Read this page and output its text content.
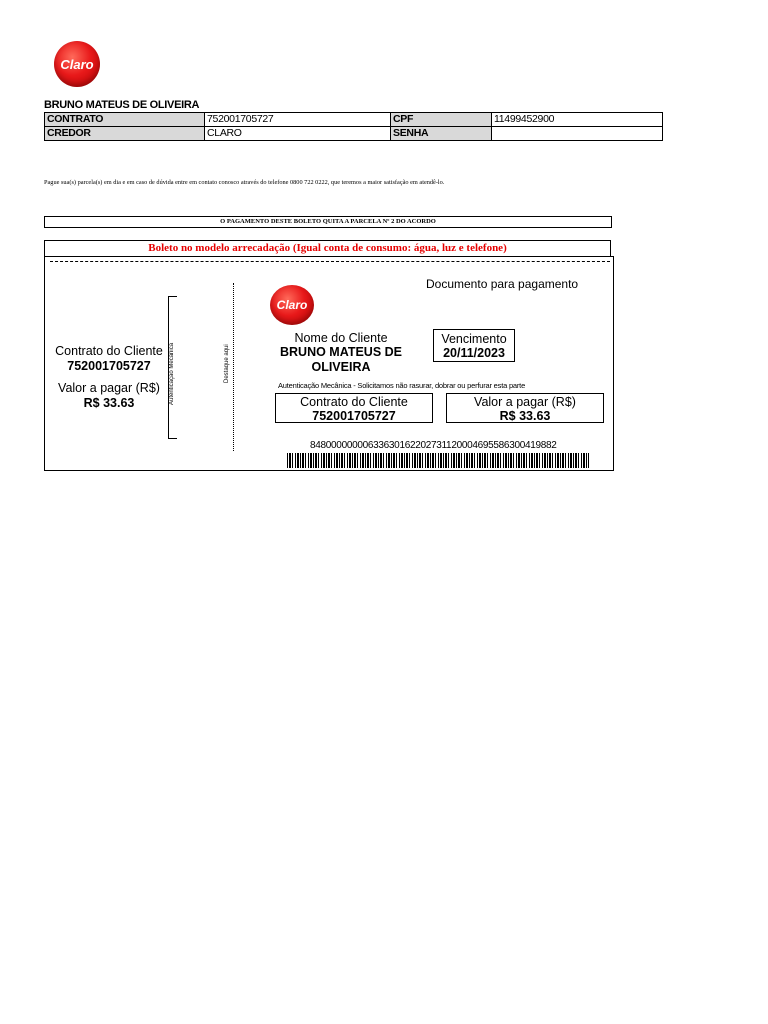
Claro
⁄⁄
BRUNO MATEUS DE OLIVEIRA
CONTRATO	752001705727	CPF	11499452900
CREDOR	CLARO	SENHA	
Pague sua(s) parcela(s) em dia e em caso de dúvida entre em contato conosco através do telefone 0800 722 0222, que teremos a maior satisfação em atendê-lo.
O PAGAMENTO DESTE BOLETO QUITA A PARCELA Nº 2 DO ACORDO
Boleto no modelo arrecadação (Igual conta de consumo: água, luz e telefone)
Autenticação Mecânica	Destaque aqui
Contrato do Cliente
752001705727
Valor a pagar (R$)
R$ 33.63
Claro
⁄⁄	Documento para pagamento
Nome do Cliente
BRUNO MATEUS DE
OLIVEIRA
Vencimento
20/11/2023
Autenticação Mecânica - Solicitamos não rasurar, dobrar ou perfurar esta parte
Contrato do Cliente
752001705727
Valor a pagar (R$)
R$ 33.63
84800000000633630162202731120004695586300419882
